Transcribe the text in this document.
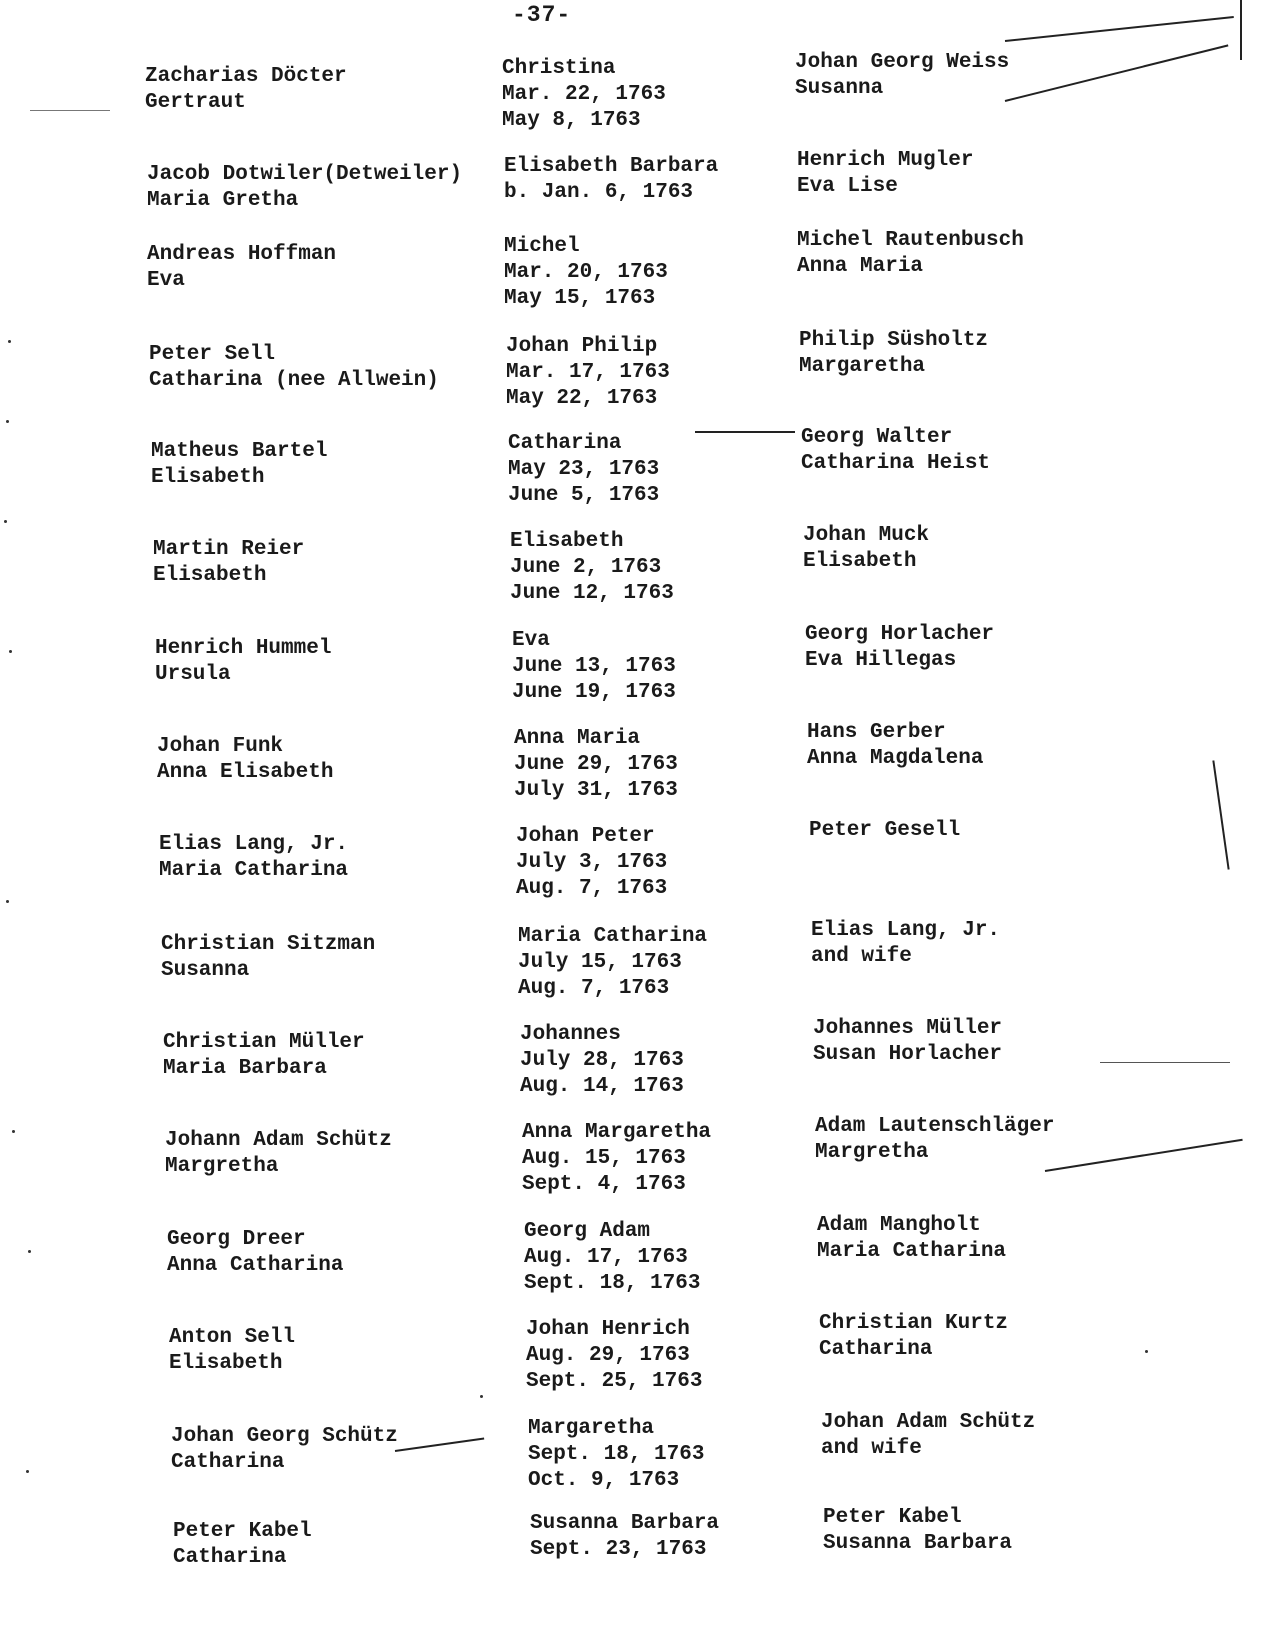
-37-
Zacharias Döcter
Gertraut
Christina
Mar. 22, 1763
May 8, 1763
Johan Georg Weiss
Susanna
Jacob Dotwiler(Detweiler)
Maria Gretha
Elisabeth Barbara
b. Jan. 6, 1763
Henrich Mugler
Eva Lise
Andreas Hoffman
Eva
Michel
Mar. 20, 1763
May 15, 1763
Michel Rautenbusch
Anna Maria
Peter Sell
Catharina (nee Allwein)
Johan Philip
Mar. 17, 1763
May 22, 1763
Philip Süsholtz
Margaretha
Matheus Bartel
Elisabeth
Catharina
May 23, 1763
June 5, 1763
Georg Walter
Catharina Heist
Martin Reier
Elisabeth
Elisabeth
June 2, 1763
June 12, 1763
Johan Muck
Elisabeth
Henrich Hummel
Ursula
Eva
June 13, 1763
June 19, 1763
Georg Horlacher
Eva Hillegas
Johan Funk
Anna Elisabeth
Anna Maria
June 29, 1763
July 31, 1763
Hans Gerber
Anna Magdalena
Elias Lang, Jr.
Maria Catharina
Johan Peter
July 3, 1763
Aug. 7, 1763
Peter Gesell
Christian Sitzman
Susanna
Maria Catharina
July 15, 1763
Aug. 7, 1763
Elias Lang, Jr.
and wife
Christian Müller
Maria Barbara
Johannes
July 28, 1763
Aug. 14, 1763
Johannes Müller
Susan Horlacher
Johann Adam Schütz
Margretha
Anna Margaretha
Aug. 15, 1763
Sept. 4, 1763
Adam Lautenschläger
Margretha
Georg Dreer
Anna Catharina
Georg Adam
Aug. 17, 1763
Sept. 18, 1763
Adam Mangholt
Maria Catharina
Anton Sell
Elisabeth
Johan Henrich
Aug. 29, 1763
Sept. 25, 1763
Christian Kurtz
Catharina
Johan Georg Schütz
Catharina
Margaretha
Sept. 18, 1763
Oct. 9, 1763
Johan Adam Schütz
and wife
Peter Kabel
Catharina
Susanna Barbara
Sept. 23, 1763
Peter Kabel
Susanna Barbara
